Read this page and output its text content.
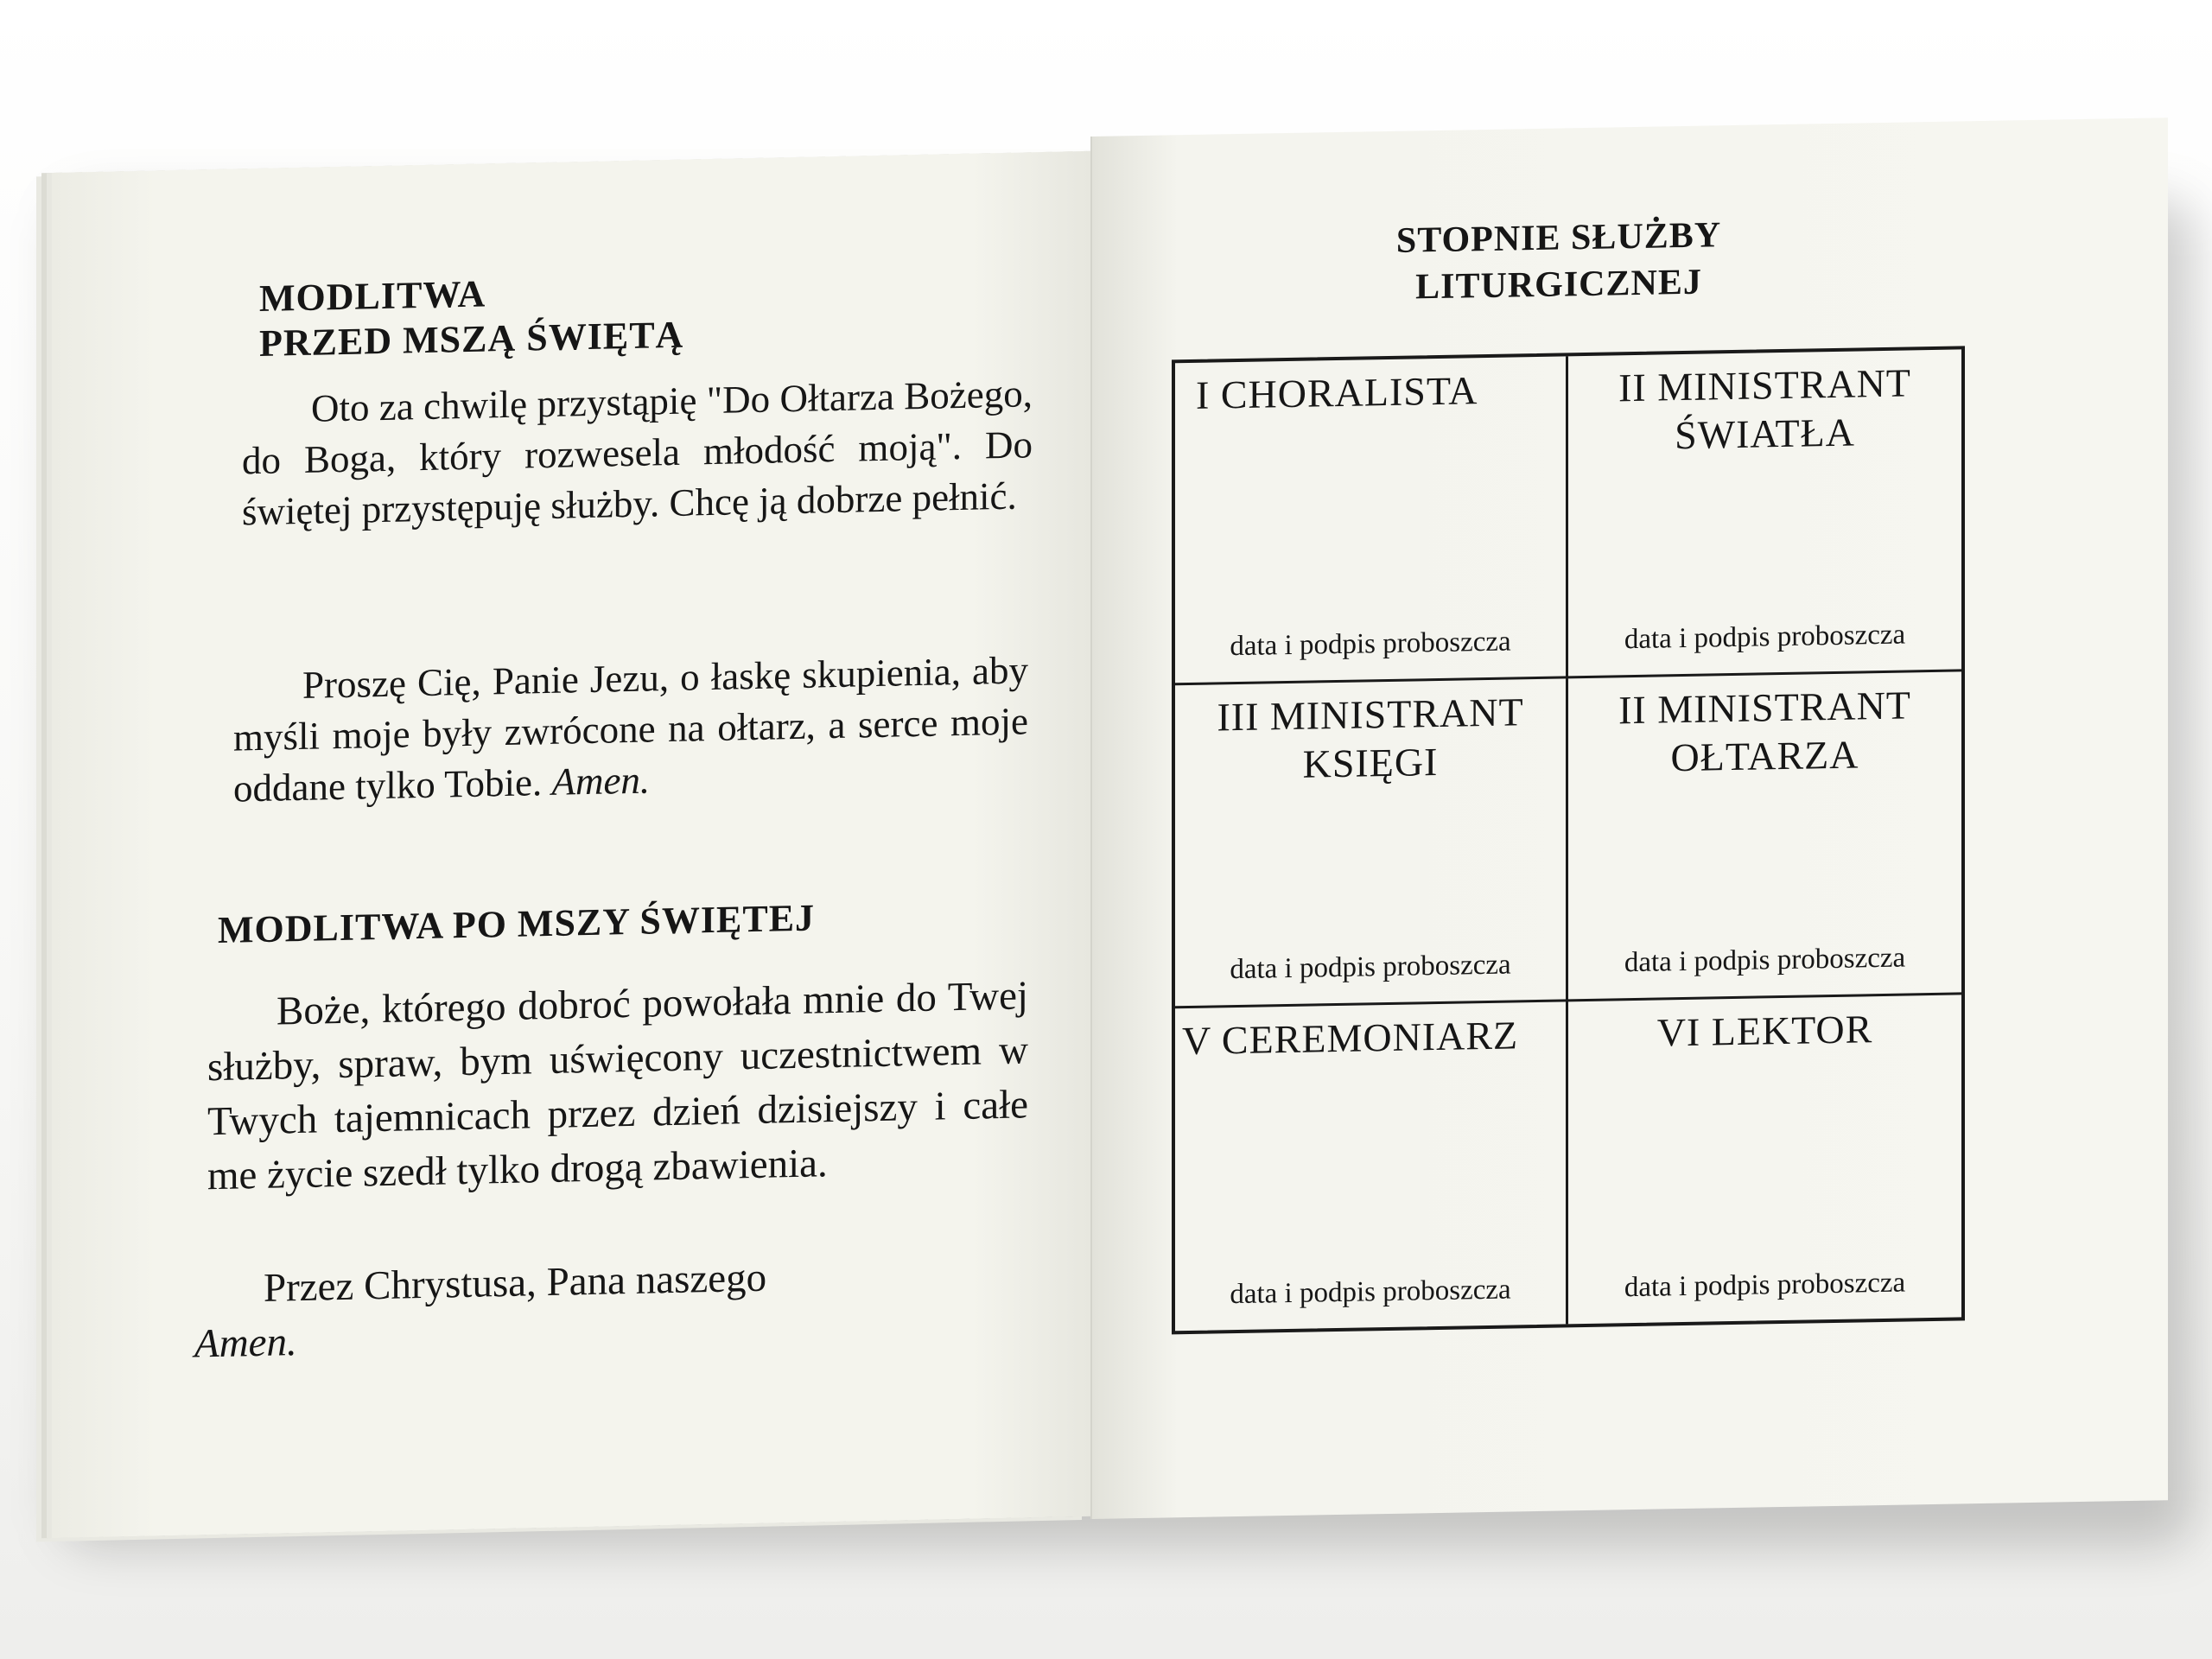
MODLITWA
PRZED MSZĄ ŚWIĘTĄ
Oto za chwilę przystąpię "Do Ołtarza Bożego, do Boga, który rozwesela młodość moją". Do świętej przystępuję służby. Chcę ją dobrze pełnić.
Proszę Cię, Panie Jezu, o łaskę skupienia, aby myśli moje były zwrócone na ołtarz, a serce moje oddane tylko Tobie. Amen.
MODLITWA PO MSZY ŚWIĘTEJ
Boże, którego dobroć powołała mnie do Twej służby, spraw, bym uświęcony uczestnictwem w Twych tajemnicach przez dzień dzisiejszy i całe me życie szedł tylko drogą zbawienia.
Przez Chrystusa, Pana naszego
Amen.
STOPNIE SŁUŻBY
LITURGICZNEJ
I CHORALISTA
data i podpis proboszcza
II MINISTRANT ŚWIATŁA
data i podpis proboszcza
III MINISTRANT KSIĘGI
data i podpis proboszcza
II MINISTRANT OŁTARZA
data i podpis proboszcza
V CEREMONIARZ
data i podpis proboszcza
VI LEKTOR
data i podpis proboszcza
